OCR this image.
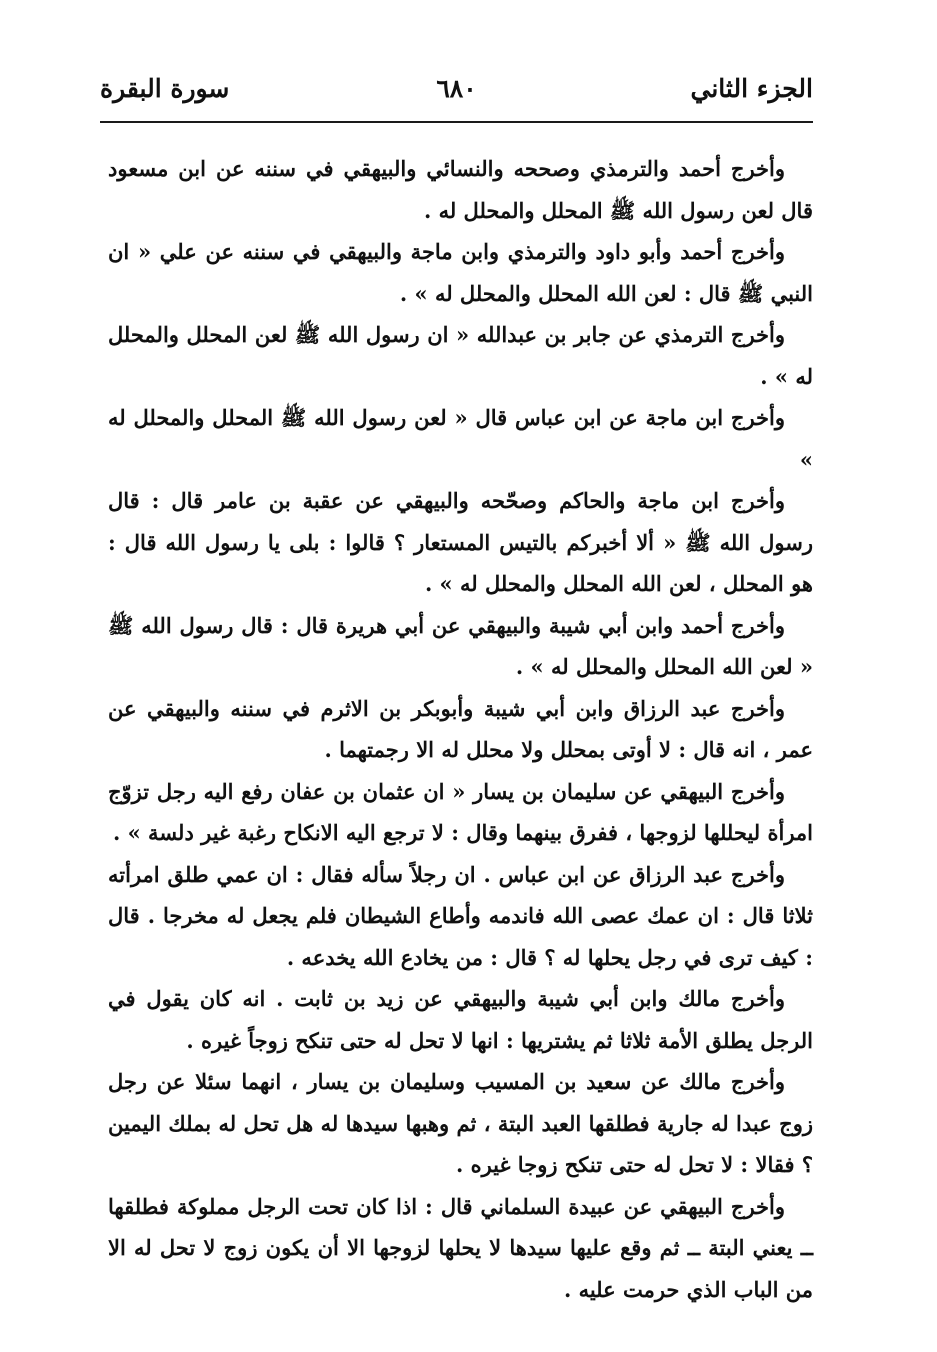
الجزء الثاني
٦٨٠
سورة البقرة

وأخرج أحمد والترمذي وصححه والنسائي والبيهقي في سننه عن ابن مسعود قال لعن رسول الله ﷺ المحلل والمحلل له .

وأخرج أحمد وأبو داود والترمذي وابن ماجة والبيهقي في سننه عن علي « ان النبي ﷺ قال : لعن الله المحلل والمحلل له » .

وأخرج الترمذي عن جابر بن عبدالله « ان رسول الله ﷺ لعن المحلل والمحلل له » .

وأخرج ابن ماجة عن ابن عباس قال « لعن رسول الله ﷺ المحلل والمحلل له »

وأخرج ابن ماجة والحاكم وصحّحه والبيهقي عن عقبة بن عامر قال : قال رسول الله ﷺ « ألا أخبركم بالتيس المستعار ؟ قالوا : بلى يا رسول الله قال : هو المحلل ، لعن الله المحلل والمحلل له » .

وأخرج أحمد وابن أبي شيبة والبيهقي عن أبي هريرة قال : قال رسول الله ﷺ « لعن الله المحلل والمحلل له » .

وأخرج عبد الرزاق وابن أبي شيبة وأبوبكر بن الاثرم في سننه والبيهقي عن عمر ، انه قال : لا أوتى بمحلل ولا محلل له الا رجمتهما .

وأخرج البيهقي عن سليمان بن يسار « ان عثمان بن عفان رفع اليه رجل تزوّج امرأة ليحللها لزوجها ، ففرق بينهما وقال : لا ترجع اليه الانكاح رغبة غير دلسة » .

وأخرج عبد الرزاق عن ابن عباس . ان رجلاً سأله فقال : ان عمي طلق امرأته ثلاثا قال : ان عمك عصى الله فاندمه وأطاع الشيطان فلم يجعل له مخرجا . قال : كيف ترى في رجل يحلها له ؟ قال : من يخادع الله يخدعه .

وأخرج مالك وابن أبي شيبة والبيهقي عن زيد بن ثابت . انه كان يقول في الرجل يطلق الأمة ثلاثا ثم يشتريها : انها لا تحل له حتى تنكح زوجاً غيره .

وأخرج مالك عن سعيد بن المسيب وسليمان بن يسار ، انهما سئلا عن رجل زوج عبدا له جارية فطلقها العبد البتة ، ثم وهبها سيدها له هل تحل له بملك اليمين ؟ فقالا : لا تحل له حتى تنكح زوجا غيره .

وأخرج البيهقي عن عبيدة السلماني قال : اذا كان تحت الرجل مملوكة فطلقها ــ يعني البتة ــ ثم وقع عليها سيدها لا يحلها لزوجها الا أن يكون زوج لا تحل له الا من الباب الذي حرمت عليه .
